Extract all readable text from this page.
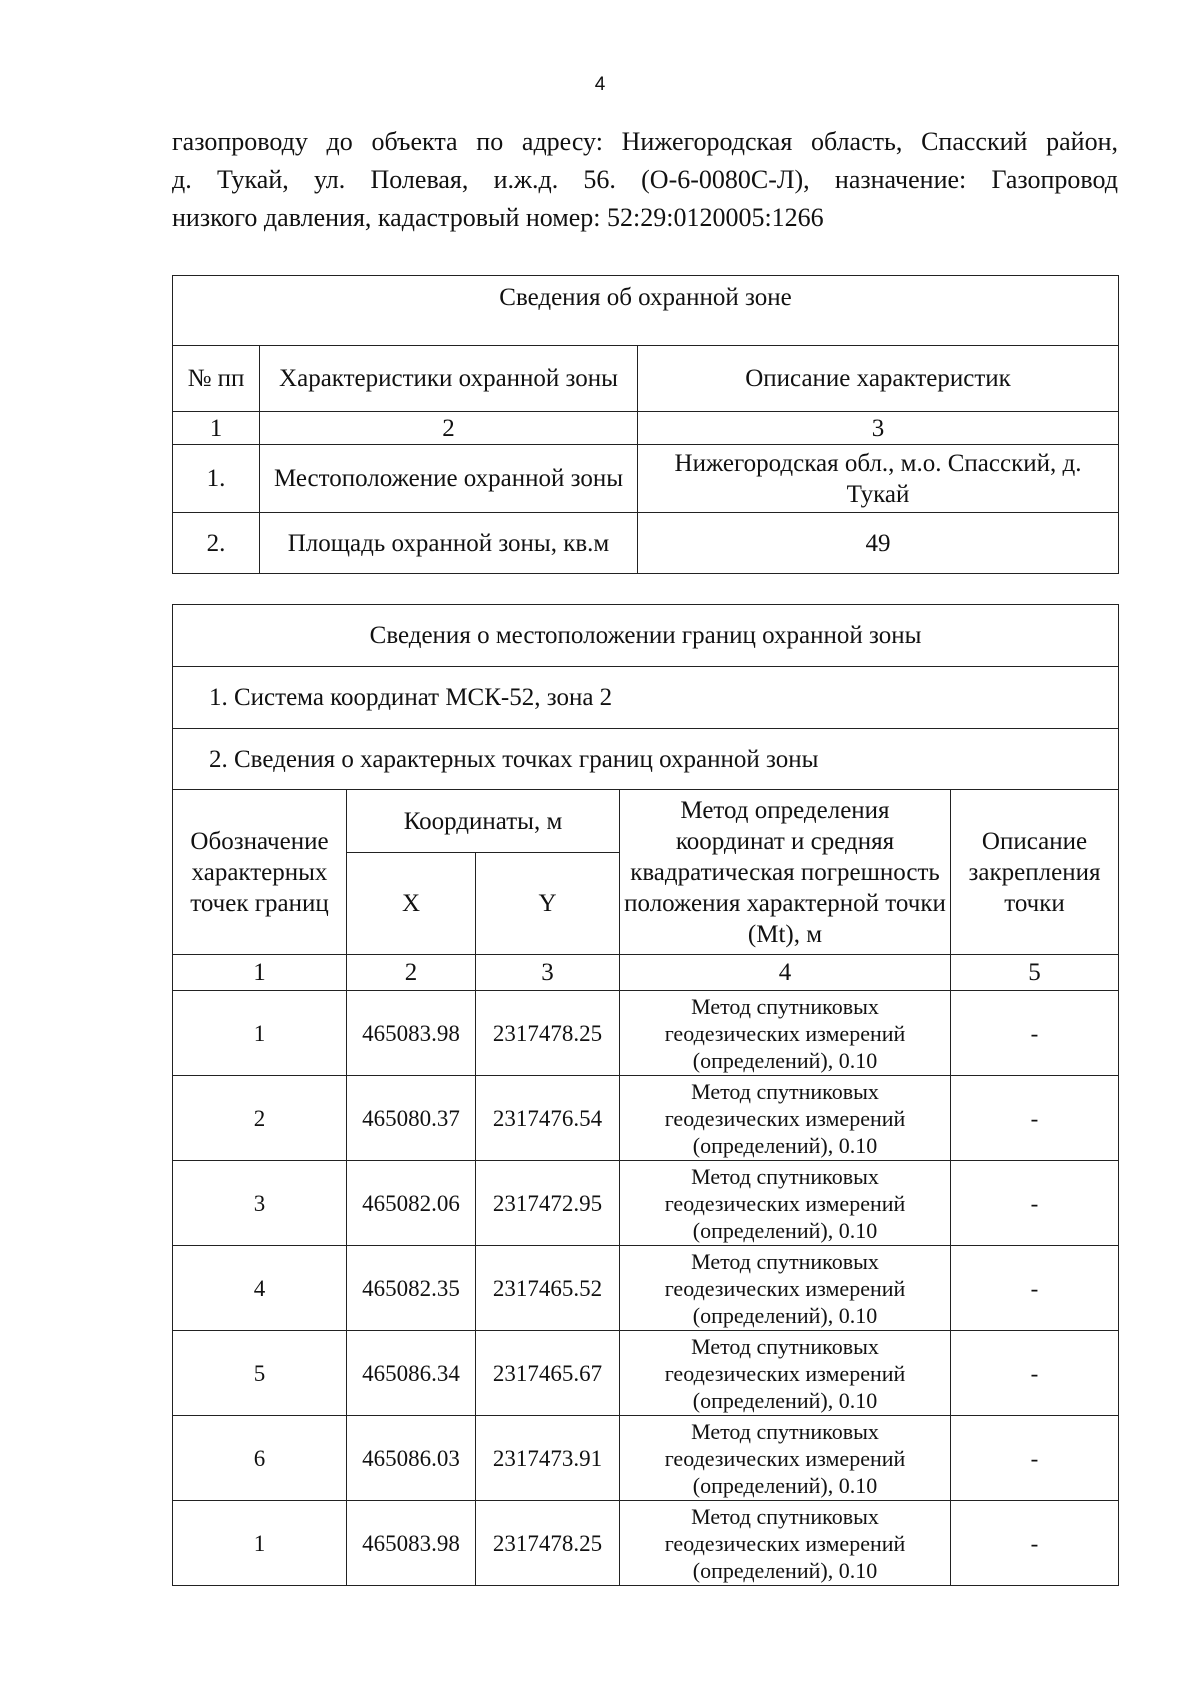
4
газопроводу до объекта по адресу: Нижегородская область, Спасский район,
д. Тукай, ул. Полевая, и.ж.д. 56. (О-6-0080С-Л), назначение: Газопровод
низкого давления, кадастровый номер: 52:29:0120005:1266
Сведения об охранной зоне		
№ пп	Характеристики охранной зоны	Описание характеристик
1	2	3
1.	Местоположение охранной зоны	Нижегородская обл., м.о. Спасский, д. Тукай
2.	Площадь охранной зоны, кв.м	49
Сведения о местоположении границ охранной зоны				
1. Система координат МСК-52, зона 2				
2. Сведения о характерных точках границ охранной зоны				
Обозначение характерных точек границ	Координаты, м		Метод определения координат и средняя квадратическая погрешность положения характерной точки (Mt), м	Описание закрепления точки
	X	Y		
1	2	3	4	5
1	465083.98	2317478.25	Метод спутниковых геодезических измерений (определений), 0.10	-
2	465080.37	2317476.54	Метод спутниковых геодезических измерений (определений), 0.10	-
3	465082.06	2317472.95	Метод спутниковых геодезических измерений (определений), 0.10	-
4	465082.35	2317465.52	Метод спутниковых геодезических измерений (определений), 0.10	-
5	465086.34	2317465.67	Метод спутниковых геодезических измерений (определений), 0.10	-
6	465086.03	2317473.91	Метод спутниковых геодезических измерений (определений), 0.10	-
1	465083.98	2317478.25	Метод спутниковых геодезических измерений (определений), 0.10	-
